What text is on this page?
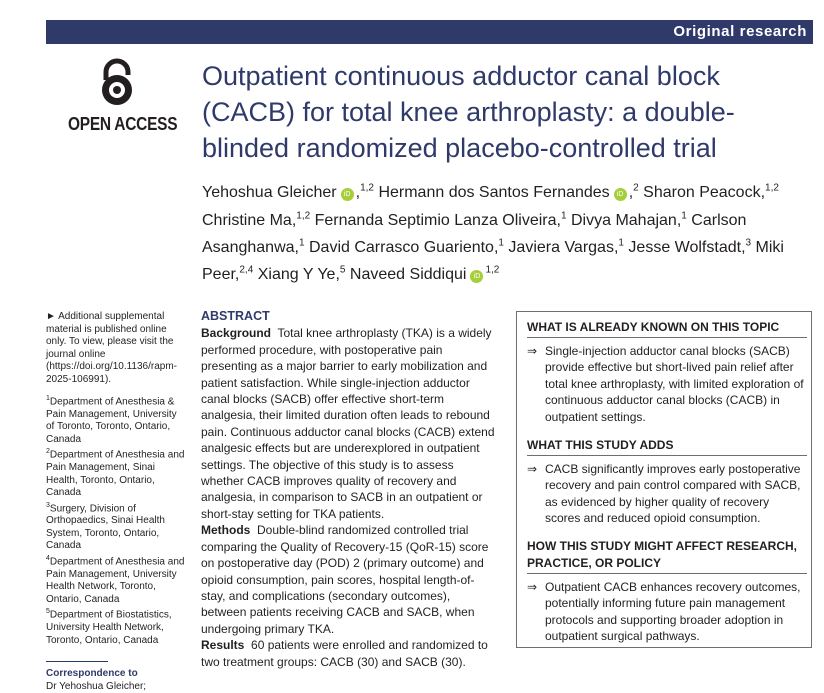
Original research
OPEN ACCESS
Outpatient continuous adductor canal block (CACB) for total knee arthroplasty: a double-blinded randomized placebo-controlled trial
Yehoshua Gleicher iD ,$^{1,2}$ Hermann dos Santos Fernandes iD ,$^2$ Sharon Peacock,$^{1,2}$ Christine Ma,$^{1,2}$ Fernanda Septimio Lanza Oliveira,$^1$ Divya Mahajan,$^1$ Carlson Asanghanwa,$^1$ David Carrasco Guariento,$^1$ Javiera Vargas,$^1$ Jesse Wolfstadt,$^3$ Miki Peer,$^{2,4}$ Xiang Y Ye,$^5$ Naveed Siddiqui iD$^{1,2}$

► Additional supplemental material is published online only. To view, please visit the journal online (https://doi.org/10.1136/rapm-2025-106991).

$^1$Department of Anesthesia & Pain Management, University of Toronto, Toronto, Ontario, Canada
$^2$Department of Anesthesia and Pain Management, Sinai Health, Toronto, Ontario, Canada
$^3$Surgery, Division of Orthopaedics, Sinai Health System, Toronto, Ontario, Canada
$^4$Department of Anesthesia and Pain Management, University Health Network, Toronto, Ontario, Canada
$^5$Department of Biostatistics, University Health Network, Toronto, Ontario, Canada
Correspondence to
Dr Yehoshua Gleicher;
ABSTRACT

Background Total knee arthroplasty (TKA) is a widely performed procedure, with postoperative pain presenting as a major barrier to early mobilization and patient satisfaction. While single-injection adductor canal blocks (SACB) offer effective short-term analgesia, their limited duration often leads to rebound pain. Continuous adductor canal blocks (CACB) extend analgesic effects but are underexplored in outpatient settings. The objective of this study is to assess whether CACB improves quality of recovery and analgesia, in comparison to SACB in an outpatient or short-stay setting for TKA patients.

Methods Double-blind randomized controlled trial comparing the Quality of Recovery-15 (QoR-15) score on postoperative day (POD) 2 (primary outcome) and opioid consumption, pain scores, hospital length-of-stay, and complications (secondary outcomes), between patients receiving CACB and SACB, when undergoing primary TKA.

Results 60 patients were enrolled and randomized to two treatment groups: CACB (30) and SACB (30).

WHAT IS ALREADY KNOWN ON THIS TOPIC
⇒ Single-injection adductor canal blocks (SACB) provide effective but short-lived pain relief after total knee arthroplasty, with limited exploration of continuous adductor canal blocks (CACB) in outpatient settings.
WHAT THIS STUDY ADDS
⇒ CACB significantly improves early postoperative recovery and pain control compared with SACB, as evidenced by higher quality of recovery scores and reduced opioid consumption.
HOW THIS STUDY MIGHT AFFECT RESEARCH, PRACTICE, OR POLICY
⇒ Outpatient CACB enhances recovery outcomes, potentially informing future pain management protocols and supporting broader adoption in outpatient surgical pathways.
